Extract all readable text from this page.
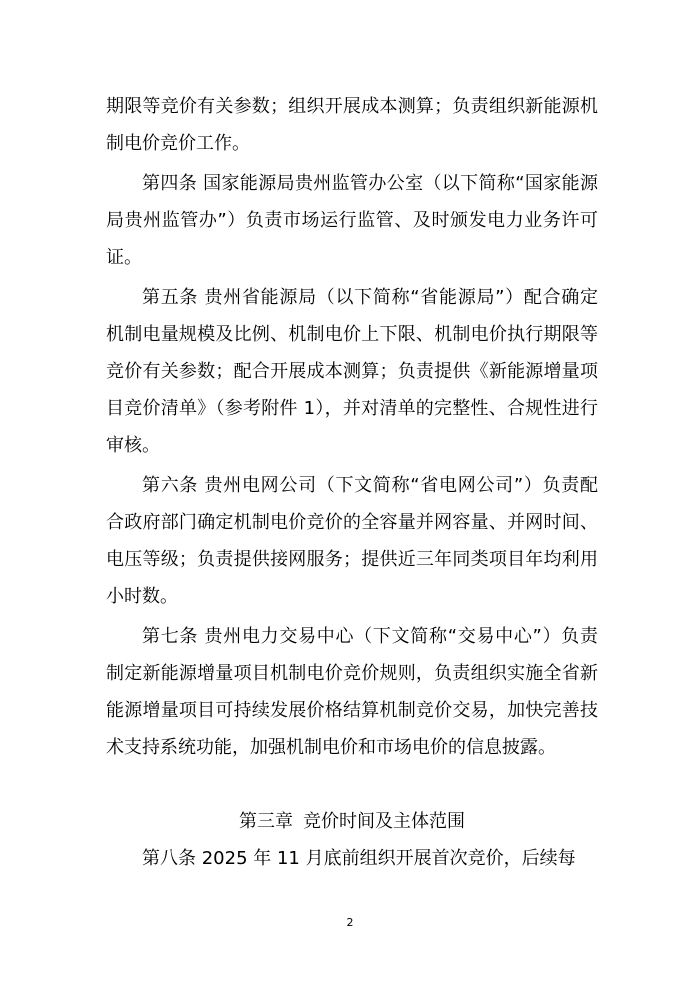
期限等竞价有关参数；组织开展成本测算；负责组织新能源机制电价竞价工作。

第四条 国家能源局贵州监管办公室（以下简称“国家能源局贵州监管办”）负责市场运行监管、及时颁发电力业务许可证。

第五条 贵州省能源局（以下简称“省能源局”）配合确定机制电量规模及比例、机制电价上下限、机制电价执行期限等竞价有关参数；配合开展成本测算；负责提供《新能源增量项目竞价清单》（参考附件 1），并对清单的完整性、合规性进行审核。

第六条 贵州电网公司（下文简称“省电网公司”）负责配合政府部门确定机制电价竞价的全容量并网容量、并网时间、电压等级；负责提供接网服务；提供近三年同类项目年均利用小时数。

第七条 贵州电力交易中心（下文简称“交易中心”）负责制定新能源增量项目机制电价竞价规则，负责组织实施全省新能源增量项目可持续发展价格结算机制竞价交易，加快完善技术支持系统功能，加强机制电价和市场电价的信息披露。

第三章 竞价时间及主体范围

第八条 2025 年 11 月底前组织开展首次竞价，后续每

2
